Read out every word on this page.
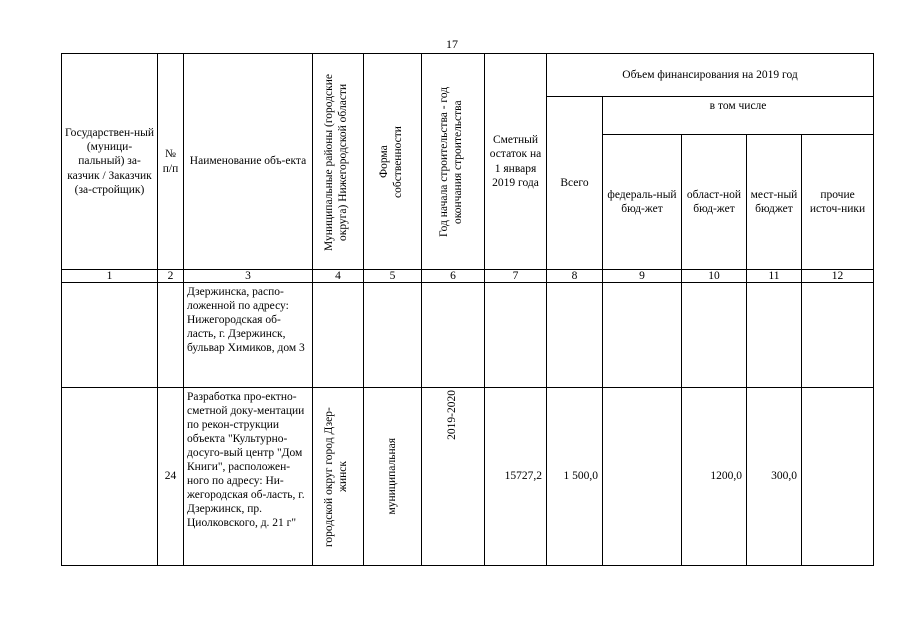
17
Государствен-ный (муници-пальный) за-казчик / Заказчик (за-стройщик)	№ п/п	Наименование объ-екта	Муниципальные районы (городские округа) Нижегородской области	Форма собственности	Год начала строительства - год окончания строительства	Сметный остаток на 1 января 2019 года	Объем финансирования на 2019 год				
							Всего	в том числе			
								федераль-ный бюд-жет	област-ной бюд-жет	мест-ный бюджет	прочие источ-ники
1	2	3	4	5	6	7	8	9	10	11	12
		Дзержинска, распо-ложенной по адресу: Нижегородская об-ласть, г. Дзержинск, бульвар Химиков, дом 3									
	24	Разработка про-ектно-сметной доку-ментации по рекон-струкции объекта "Культурно-досуго-вый центр "Дом Книги", расположен-ного по адресу: Ни-жегородская об-ласть, г. Дзержинск, пр. Циолковского, д. 21 г"	городской округ город Дзер-жинск	муниципальная	2019-2020	15727,2	1 500,0		1200,0	300,0	
